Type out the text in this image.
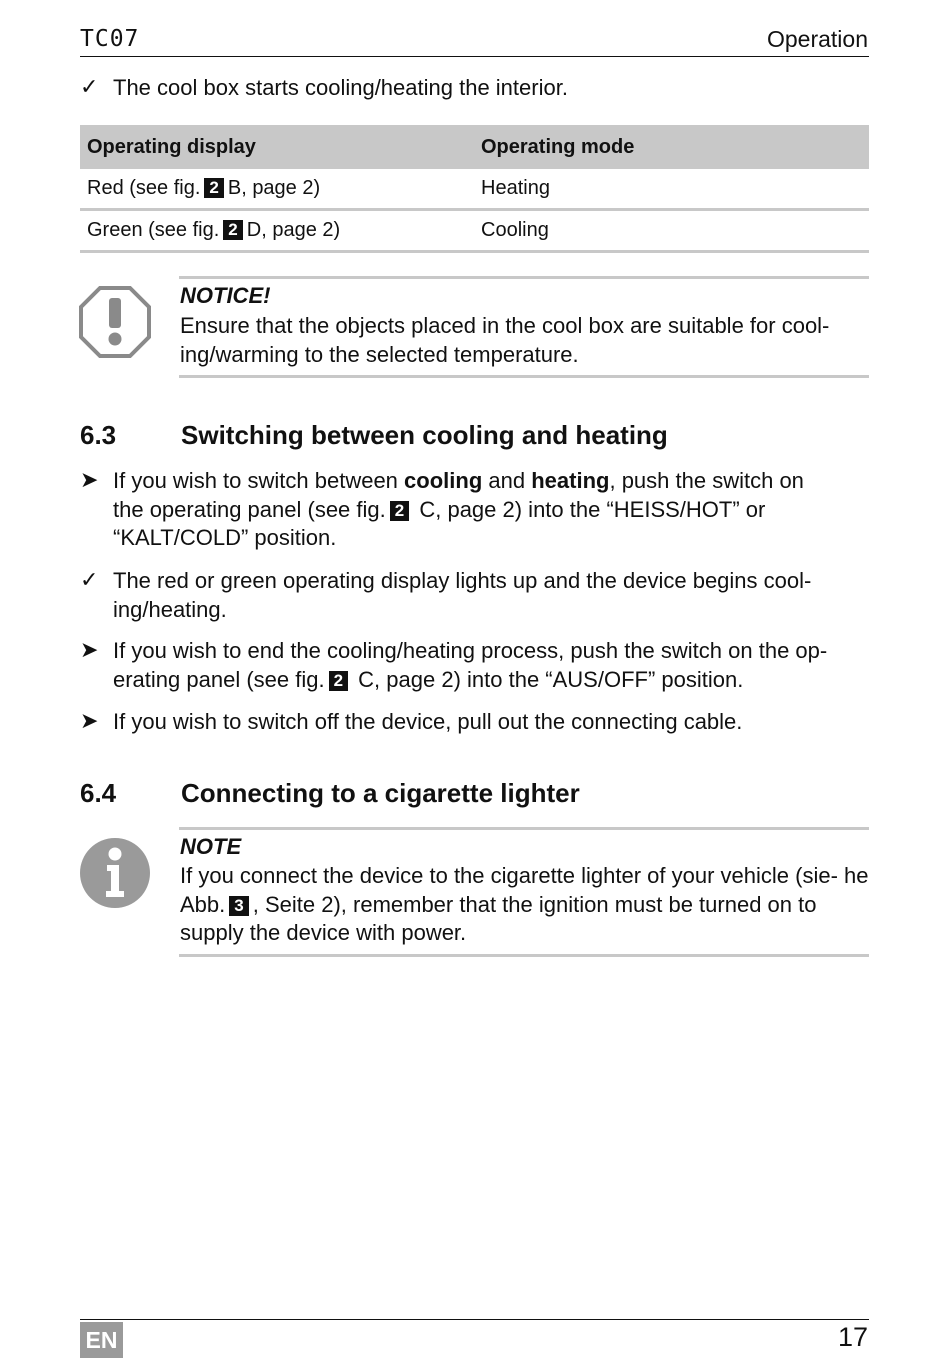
TC07	Operation
✓ The cool box starts cooling/heating the interior.
Operating display	Operating mode
Red (see fig. 2 B, page 2)	Heating
Green (see fig. 2 D, page 2)	Cooling
NOTICE!
Ensure that the objects placed in the cool box are suitable for cool- ing/warming to the selected temperature.
6.3 Switching between cooling and heating
➤ If you wish to switch between cooling and heating, push the switch on the operating panel (see fig. 2 C, page 2) into the “HEISS/HOT” or “KALT/COLD” position.
✓ The red or green operating display lights up and the device begins cool- ing/heating.
➤ If you wish to end the cooling/heating process, push the switch on the op- erating panel (see fig. 2 C, page 2) into the “AUS/OFF” position.
➤ If you wish to switch off the device, pull out the connecting cable.
6.4 Connecting to a cigarette lighter
NOTE
If you connect the device to the cigarette lighter of your vehicle (sie- he Abb. 3 , Seite 2), remember that the ignition must be turned on to supply the device with power.
EN	17
